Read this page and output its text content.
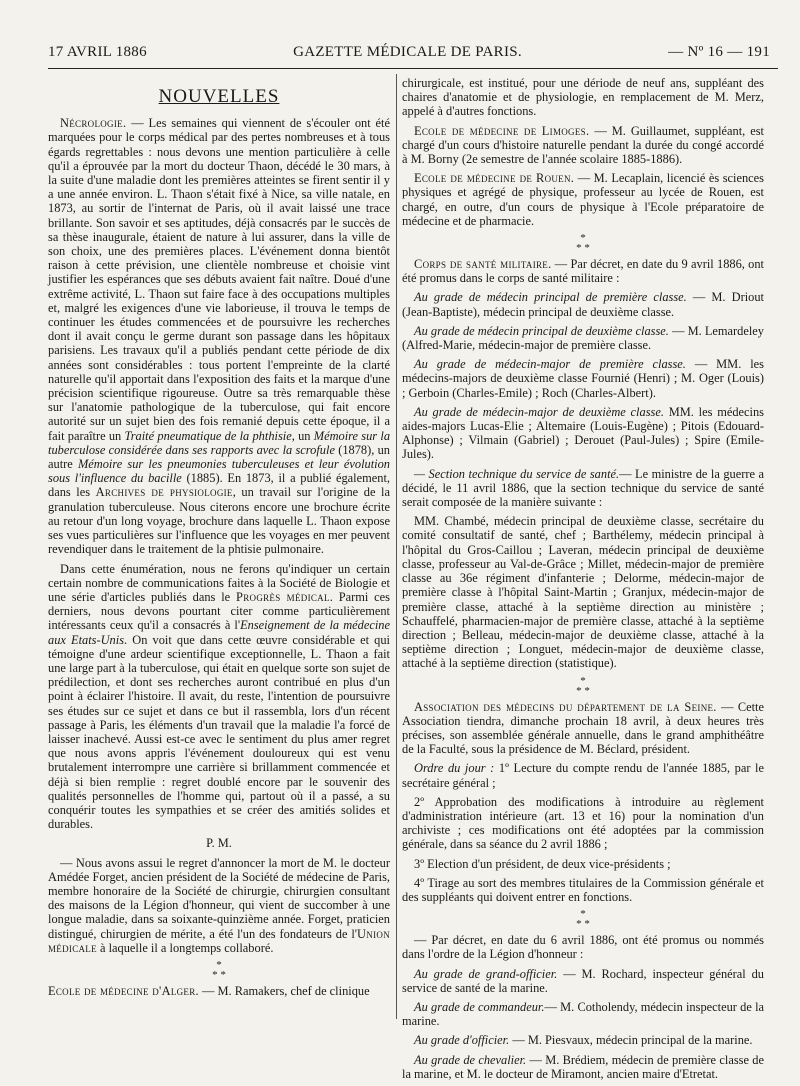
17 AVRIL 1886	GAZETTE MÉDICALE DE PARIS.	— Nº 16 — 191
NOUVELLES

Nécrologie. — Les semaines qui viennent de s'écouler ont été marquées pour le corps médical par des pertes nombreuses et à tous égards regrettables : nous devons une mention particulière à celle qu'il a éprouvée par la mort du docteur Thaon, décédé le 30 mars, à la suite d'une maladie dont les premières atteintes se firent sentir il y a une année environ. L. Thaon s'était fixé à Nice, sa ville natale, en 1873, au sortir de l'internat de Paris, où il avait laissé une trace brillante. Son savoir et ses aptitudes, déjà consacrés par le succès de sa thèse inaugurale, étaient de nature à lui assurer, dans la ville de son choix, une des premières places. L'événement donna bientôt raison à cette prévision, une clientèle nombreuse et choisie vint justifier les espérances que ses débuts avaient fait naître. Doué d'une extrême activité, L. Thaon sut faire face à des occupations multiples et, malgré les exigences d'une vie laborieuse, il trouva le temps de continuer les études commencées et de poursuivre les recherches dont il avait conçu le germe durant son passage dans les hôpitaux parisiens. Les travaux qu'il a publiés pendant cette période de dix années sont considérables : tous portent l'empreinte de la clarté naturelle qu'il apportait dans l'exposition des faits et la marque d'une précision scientifique rigoureuse. Outre sa très remarquable thèse sur l'anatomie pathologique de la tuberculose, qui fait encore autorité sur un sujet bien des fois remanié depuis cette époque, il a fait paraître un Traité pneumatique de la phthisie, un Mémoire sur la tuberculose considérée dans ses rapports avec la scrofule (1878), un autre Mémoire sur les pneumonies tuberculeuses et leur évolution sous l'influence du bacille (1885). En 1873, il a publié également, dans les Archives de physiologie, un travail sur l'origine de la granulation tuberculeuse. Nous citerons encore une brochure écrite au retour d'un long voyage, brochure dans laquelle L. Thaon expose ses vues particulières sur l'influence que les voyages en mer peuvent revendiquer dans le traitement de la phtisie pulmonaire.

Dans cette énumération, nous ne ferons qu'indiquer un certain certain nombre de communications faites à la Société de Biologie et une série d'articles publiés dans le Progrès médical. Parmi ces derniers, nous devons pourtant citer comme particulièrement intéressants ceux qu'il a consacrés à l'Enseignement de la médecine aux Etats-Unis. On voit que dans cette œuvre considérable et qui témoigne d'une ardeur scientifique exceptionnelle, L. Thaon a fait une large part à la tuberculose, qui était en quelque sorte son sujet de prédilection, et dont ses recherches auront contribué en plus d'un point à éclairer l'histoire. Il avait, du reste, l'intention de poursuivre ses études sur ce sujet et dans ce but il rassembla, lors d'un récent passage à Paris, les éléments d'un travail que la maladie l'a forcé de laisser inachevé. Aussi est-ce avec le sentiment du plus amer regret que nous avons appris l'événement douloureux qui est venu brutalement interrompre une carrière si brillamment commencée et déjà si bien remplie : regret doublé encore par le souvenir des qualités personnelles de l'homme qui, partout où il a passé, a su conquérir toutes les sympathies et se créer des amitiés solides et durables.

P. M.

— Nous avons assui le regret d'annoncer la mort de M. le docteur Amédée Forget, ancien président de la Société de médecine de Paris, membre honoraire de la Société de chirurgie, chirurgien consultant des maisons de la Légion d'honneur, qui vient de succomber à une longue maladie, dans sa soixante-quinzième année. Forget, praticien distingué, chirurgien de mérite, a été l'un des fondateurs de l'Union médicale à laquelle il a longtemps collaboré.

*
* *

Ecole de médecine d'Alger. — M. Ramakers, chef de clinique

chirurgicale, est institué, pour une dériode de neuf ans, suppléant des chaires d'anatomie et de physiologie, en remplacement de M. Merz, appelé à d'autres fonctions.

Ecole de médecine de Limoges. — M. Guillaumet, suppléant, est chargé d'un cours d'histoire naturelle pendant la durée du congé accordé à M. Borny (2e semestre de l'année scolaire 1885-1886).

Ecole de médecine de Rouen. — M. Lecaplain, licencié ès sciences physiques et agrégé de physique, professeur au lycée de Rouen, est chargé, en outre, d'un cours de physique à l'Ecole préparatoire de médecine et de pharmacie.

*
* *

Corps de santé militaire. — Par décret, en date du 9 avril 1886, ont été promus dans le corps de santé militaire :

Au grade de médecin principal de première classe. — M. Driout (Jean-Baptiste), médecin principal de deuxième classe.

Au grade de médecin principal de deuxième classe. — M. Lemardeley (Alfred-Marie, médecin-major de première classe.

Au grade de médecin-major de première classe. — MM. les médecins-majors de deuxième classe Fournié (Henri) ; M. Oger (Louis) ; Gerboin (Charles-Emile) ; Roch (Charles-Albert).

Au grade de médecin-major de deuxième classe. MM. les médecins aides-majors Lucas-Elie ; Altemaire (Louis-Eugène) ; Pitois (Edouard-Alphonse) ; Vilmain (Gabriel) ; Derouet (Paul-Jules) ; Spire (Emile-Jules).

— Section technique du service de santé.— Le ministre de la guerre a décidé, le 11 avril 1886, que la section technique du service de santé serait composée de la manière suivante :

MM. Chambé, médecin principal de deuxième classe, secrétaire du comité consultatif de santé, chef ; Barthélemy, médecin principal à l'hôpital du Gros-Caillou ; Laveran, médecin principal de deuxième classe, professeur au Val-de-Grâce ; Millet, médecin-major de première classe au 36e régiment d'infanterie ; Delorme, médecin-major de première classe à l'hôpital Saint-Martin ; Granjux, médecin-major de première classe, attaché à la septième direction au ministère ; Schauffelé, pharmacien-major de première classe, attaché à la septième direction ; Belleau, médecin-major de deuxième classe, attaché à la septième direction ; Longuet, médecin-major de deuxième classe, attaché à la septième direction (statistique).

*
* *

Association des médecins du département de la Seine. — Cette Association tiendra, dimanche prochain 18 avril, à deux heures très précises, son assemblée générale annuelle, dans le grand amphithéâtre de la Faculté, sous la présidence de M. Béclard, président.

Ordre du jour : 1º Lecture du compte rendu de l'année 1885, par le secrétaire général ;

2º Approbation des modifications à introduire au règlement d'administration intérieure (art. 13 et 16) pour la nomination d'un archiviste ; ces modifications ont été adoptées par la commission générale, dans sa séance du 2 avril 1886 ;

3º Election d'un président, de deux vice-présidents ;

4º Tirage au sort des membres titulaires de la Commission générale et des suppléants qui doivent entrer en fonctions.

*
* *

— Par décret, en date du 6 avril 1886, ont été promus ou nommés dans l'ordre de la Légion d'honneur :

Au grade de grand-officier. — M. Rochard, inspecteur général du service de santé de la marine.

Au grade de commandeur.— M. Cotholendy, médecin inspecteur de la marine.

Au grade d'officier. — M. Piesvaux, médecin principal de la marine.

Au grade de chevalier. — M. Brédiem, médecin de première classe de la marine, et M. le docteur de Miramont, ancien maire d'Etretat.
